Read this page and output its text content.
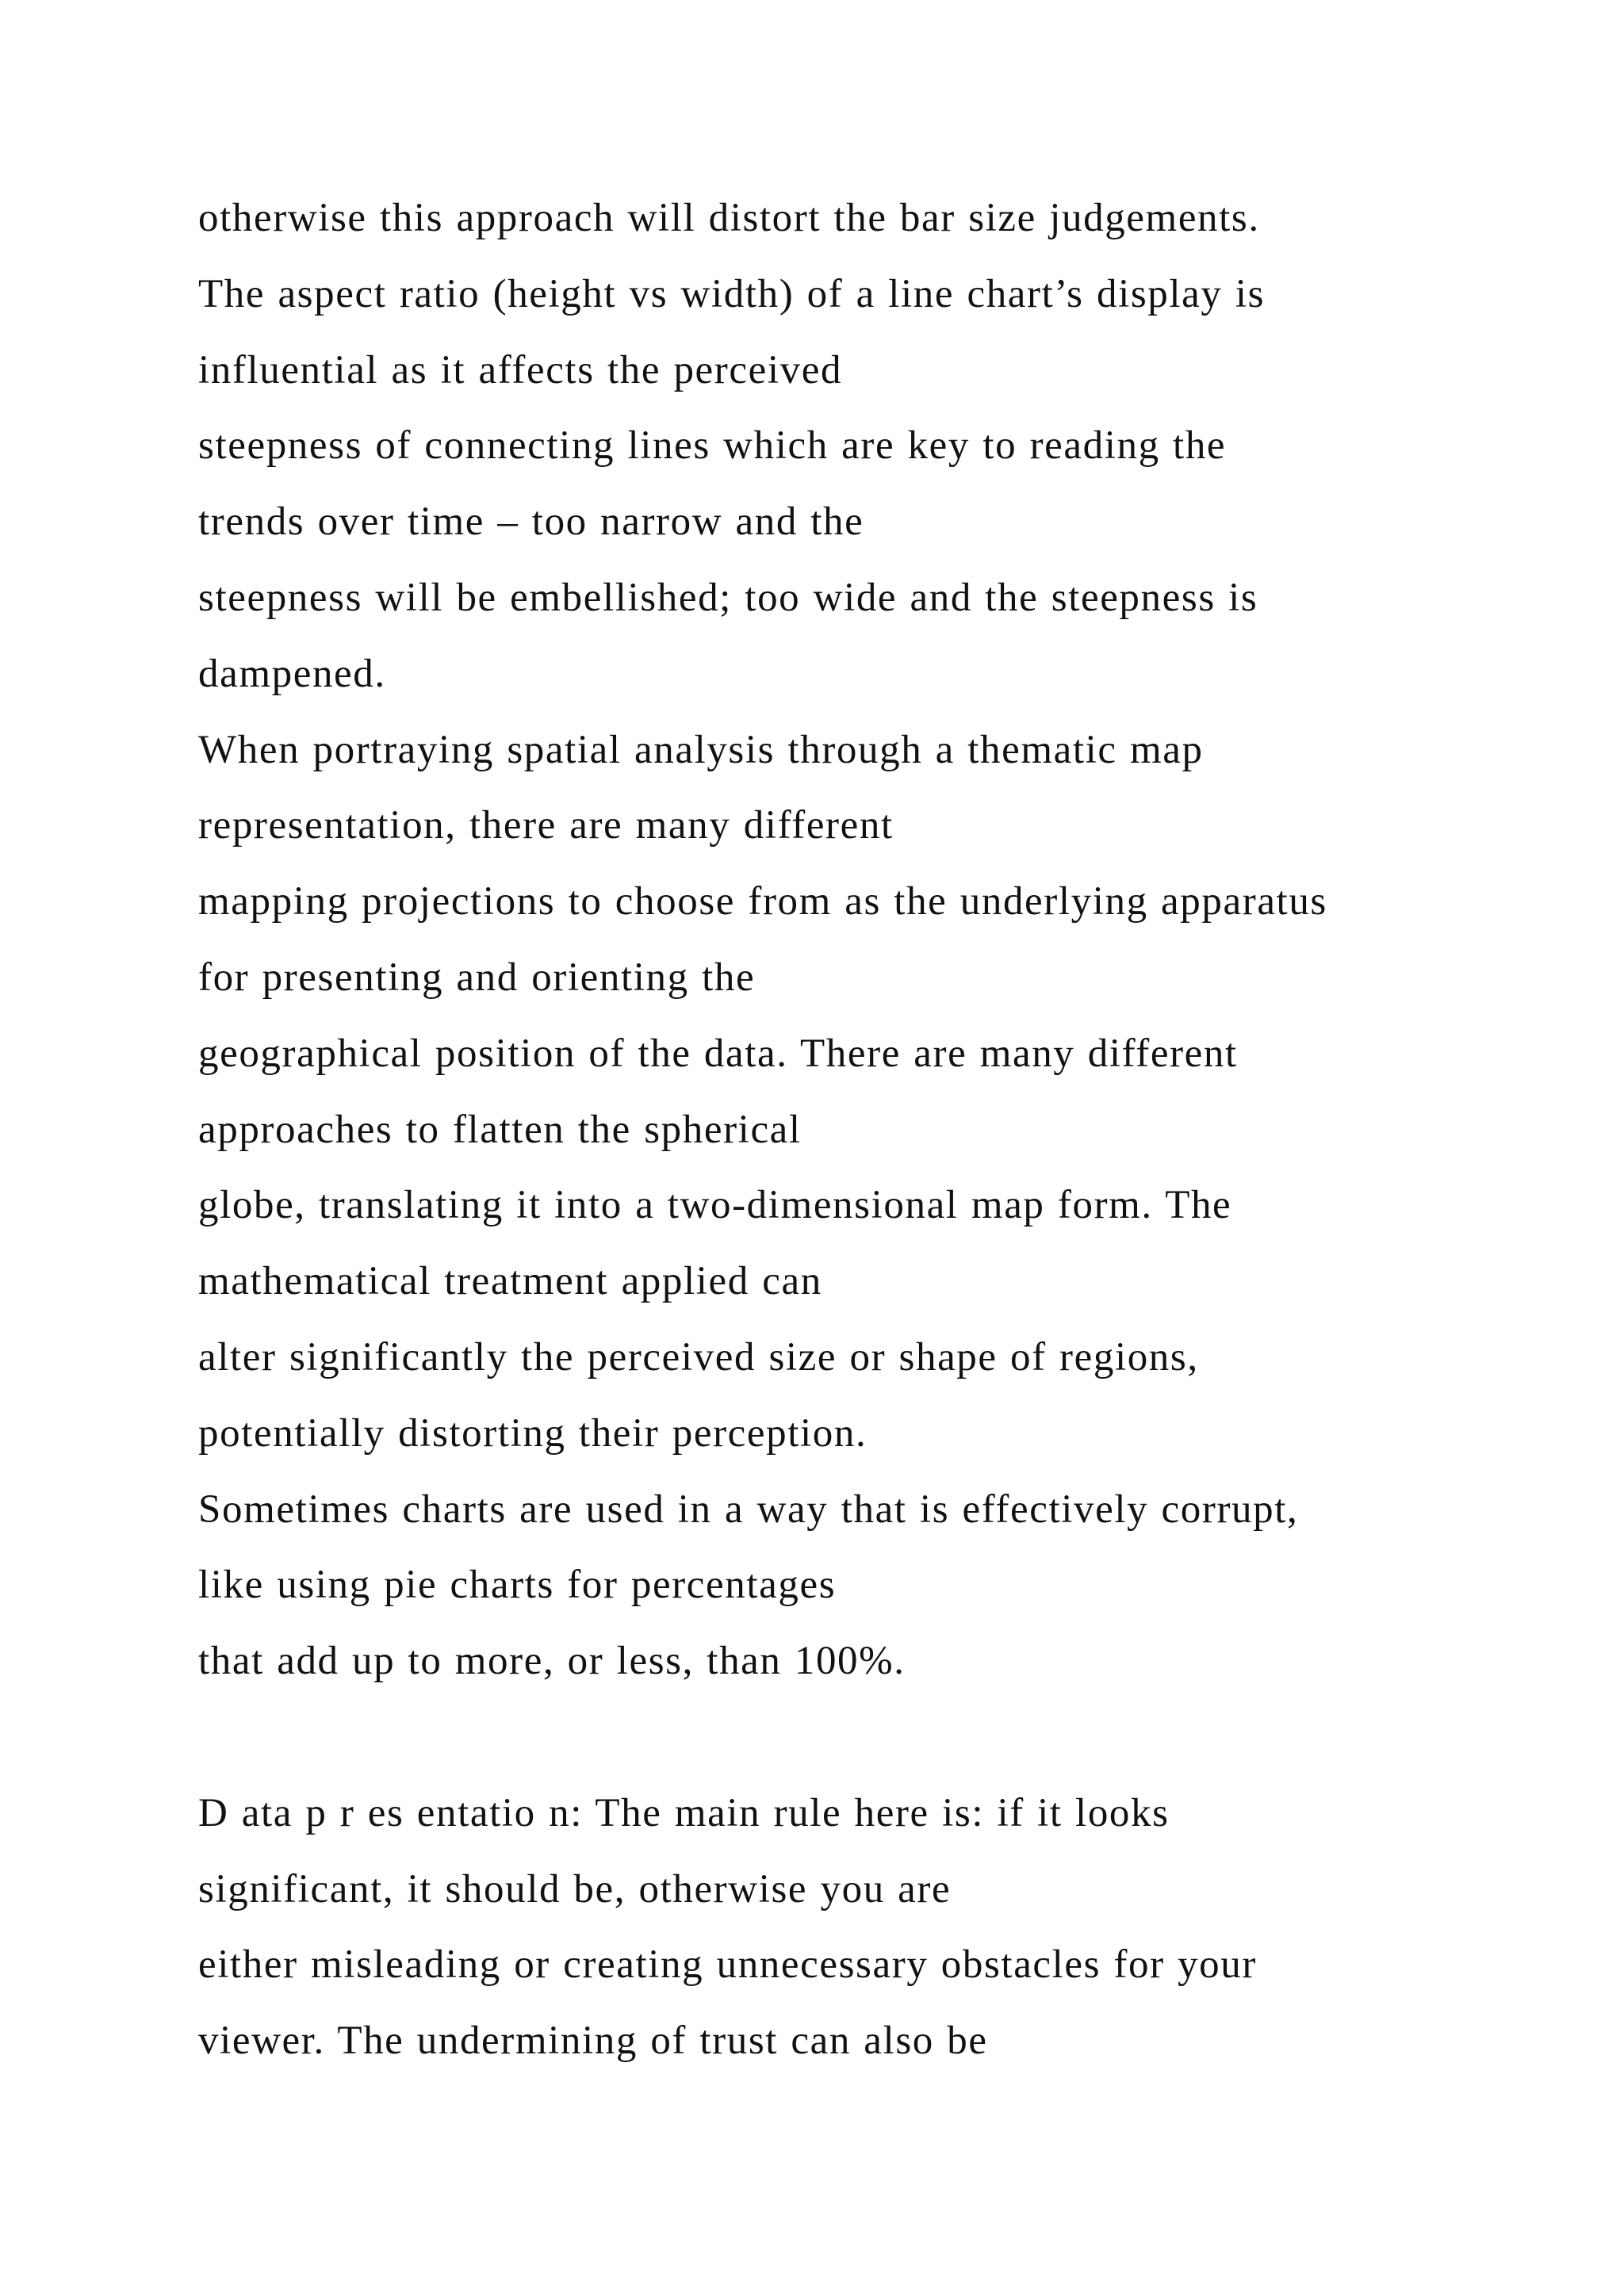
otherwise this approach will distort the bar size judgements.
The aspect ratio (height vs width) of a line chart’s display is
influential as it affects the perceived
steepness of connecting lines which are key to reading the
trends over time – too narrow and the
steepness will be embellished; too wide and the steepness is
dampened.
When portraying spatial analysis through a thematic map
representation, there are many different
mapping projections to choose from as the underlying apparatus
for presenting and orienting the
geographical position of the data. There are many different
approaches to flatten the spherical
globe, translating it into a two-dimensional map form. The
mathematical treatment applied can
alter significantly the perceived size or shape of regions,
potentially distorting their perception.
Sometimes charts are used in a way that is effectively corrupt,
like using pie charts for percentages
that add up to more, or less, than 100%.
D ata p r es entatio n: The main rule here is: if it looks
significant, it should be, otherwise you are
either misleading or creating unnecessary obstacles for your
viewer. The undermining of trust can also be
